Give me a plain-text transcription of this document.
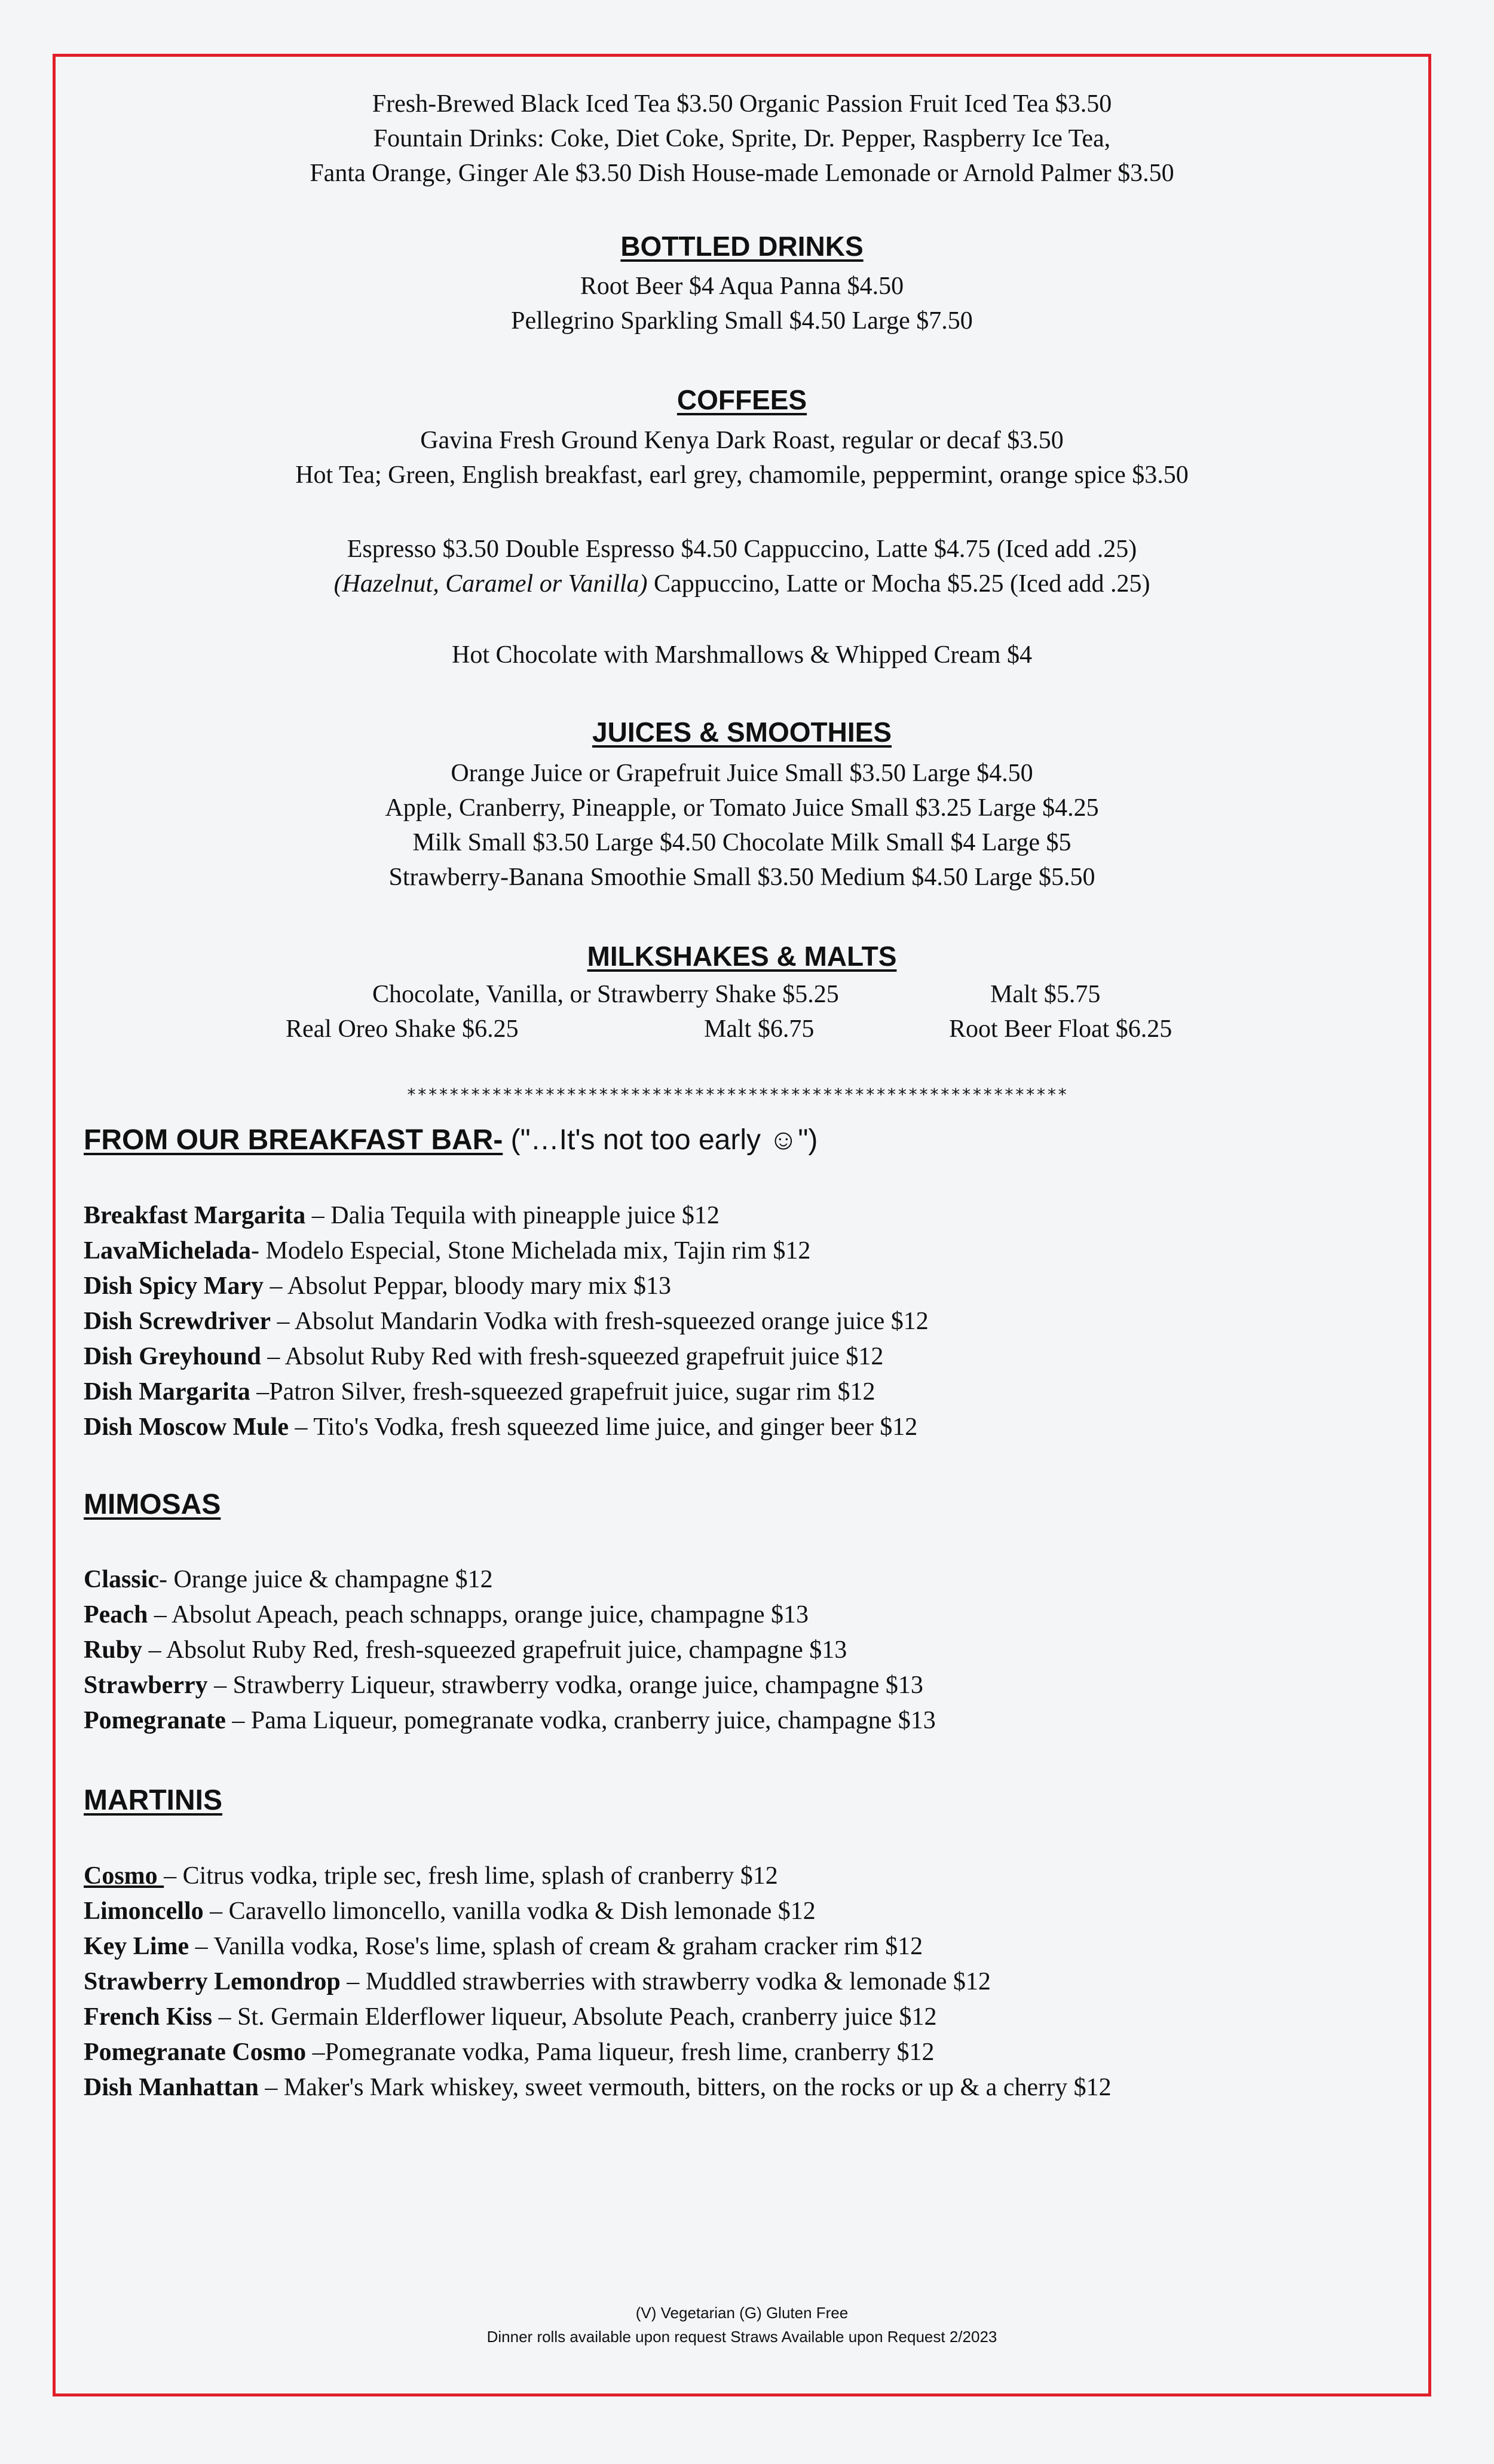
Fresh-Brewed Black Iced Tea $3.50 Organic Passion Fruit Iced Tea $3.50
Fountain Drinks: Coke, Diet Coke, Sprite, Dr. Pepper, Raspberry Ice Tea,
Fanta Orange, Ginger Ale $3.50 Dish House-made Lemonade or Arnold Palmer $3.50
BOTTLED DRINKS
Root Beer $4 Aqua Panna $4.50
Pellegrino Sparkling Small $4.50 Large $7.50
COFFEES
Gavina Fresh Ground Kenya Dark Roast, regular or decaf $3.50
Hot Tea; Green, English breakfast, earl grey, chamomile, peppermint, orange spice $3.50
Espresso $3.50 Double Espresso $4.50 Cappuccino, Latte $4.75 (Iced add .25)
(Hazelnut, Caramel or Vanilla) Cappuccino, Latte or Mocha $5.25 (Iced add .25)
Hot Chocolate with Marshmallows & Whipped Cream $4
JUICES & SMOOTHIES
Orange Juice or Grapefruit Juice Small $3.50 Large $4.50
Apple, Cranberry, Pineapple, or Tomato Juice Small $3.25 Large $4.25
Milk Small $3.50 Large $4.50 Chocolate Milk Small $4 Large $5
Strawberry-Banana Smoothie Small $3.50 Medium $4.50 Large $5.50
MILKSHAKES & MALTS
Chocolate, Vanilla, or Strawberry Shake $5.25	Malt $5.75
Real Oreo Shake $6.25	Malt $6.75	Root Beer Float $6.25
**************************************************************
FROM OUR BREAKFAST BAR- ("…It's not too early ☺")
Breakfast Margarita – Dalia Tequila with pineapple juice $12
LavaMichelada- Modelo Especial, Stone Michelada mix, Tajin rim $12
Dish Spicy Mary – Absolut Peppar, bloody mary mix $13
Dish Screwdriver – Absolut Mandarin Vodka with fresh-squeezed orange juice $12
Dish Greyhound – Absolut Ruby Red with fresh-squeezed grapefruit juice $12
Dish Margarita –Patron Silver, fresh-squeezed grapefruit juice, sugar rim $12
Dish Moscow Mule – Tito's Vodka, fresh squeezed lime juice, and ginger beer $12
MIMOSAS
Classic- Orange juice & champagne $12
Peach – Absolut Apeach, peach schnapps, orange juice, champagne $13
Ruby – Absolut Ruby Red, fresh-squeezed grapefruit juice, champagne $13
Strawberry – Strawberry Liqueur, strawberry vodka, orange juice, champagne $13
Pomegranate – Pama Liqueur, pomegranate vodka, cranberry juice, champagne $13
MARTINIS
Cosmo – Citrus vodka, triple sec, fresh lime, splash of cranberry $12
Limoncello – Caravello limoncello, vanilla vodka & Dish lemonade $12
Key Lime – Vanilla vodka, Rose's lime, splash of cream & graham cracker rim $12
Strawberry Lemondrop – Muddled strawberries with strawberry vodka & lemonade $12
French Kiss – St. Germain Elderflower liqueur, Absolute Peach, cranberry juice $12
Pomegranate Cosmo –Pomegranate vodka, Pama liqueur, fresh lime, cranberry $12
Dish Manhattan – Maker's Mark whiskey, sweet vermouth, bitters, on the rocks or up & a cherry $12
(V) Vegetarian (G) Gluten Free
Dinner rolls available upon request Straws Available upon Request 2/2023
